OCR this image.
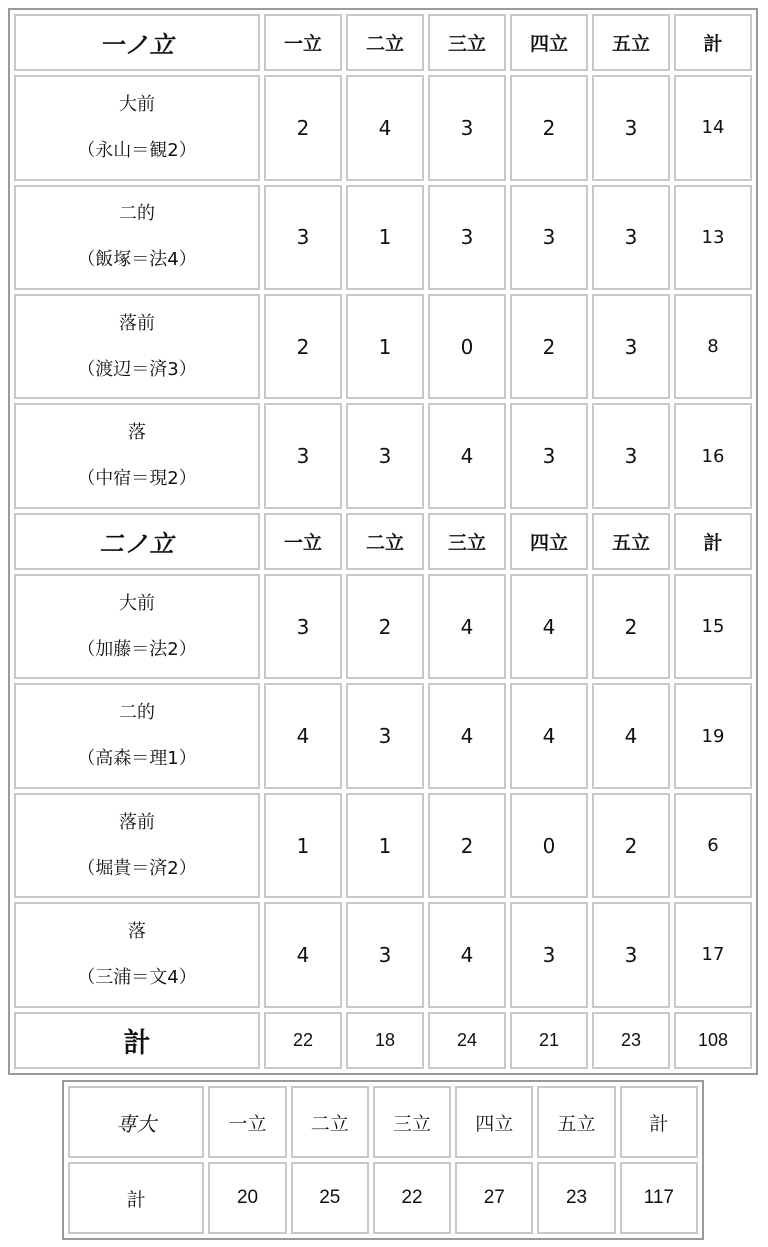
一ノ立	一立	二立	三立	四立	五立	計

大前
（永山＝観2）	2	4	3	2	3	14

二的
（飯塚＝法4）	3	1	3	3	3	13

落前
（渡辺＝済3）	2	1	0	2	3	8

落
（中宿＝現2）	3	3	4	3	3	16
二ノ立	一立	二立	三立	四立	五立	計

大前
（加藤＝法2）	3	2	4	4	2	15

二的
（高森＝理1）	4	3	4	4	4	19

落前
（堀貴＝済2）	1	1	2	0	2	6

落
（三浦＝文4）	4	3	4	3	3	17
計	22	18	24	21	23	108
専大	一立	二立	三立	四立	五立	計
計	20	25	22	27	23	117
